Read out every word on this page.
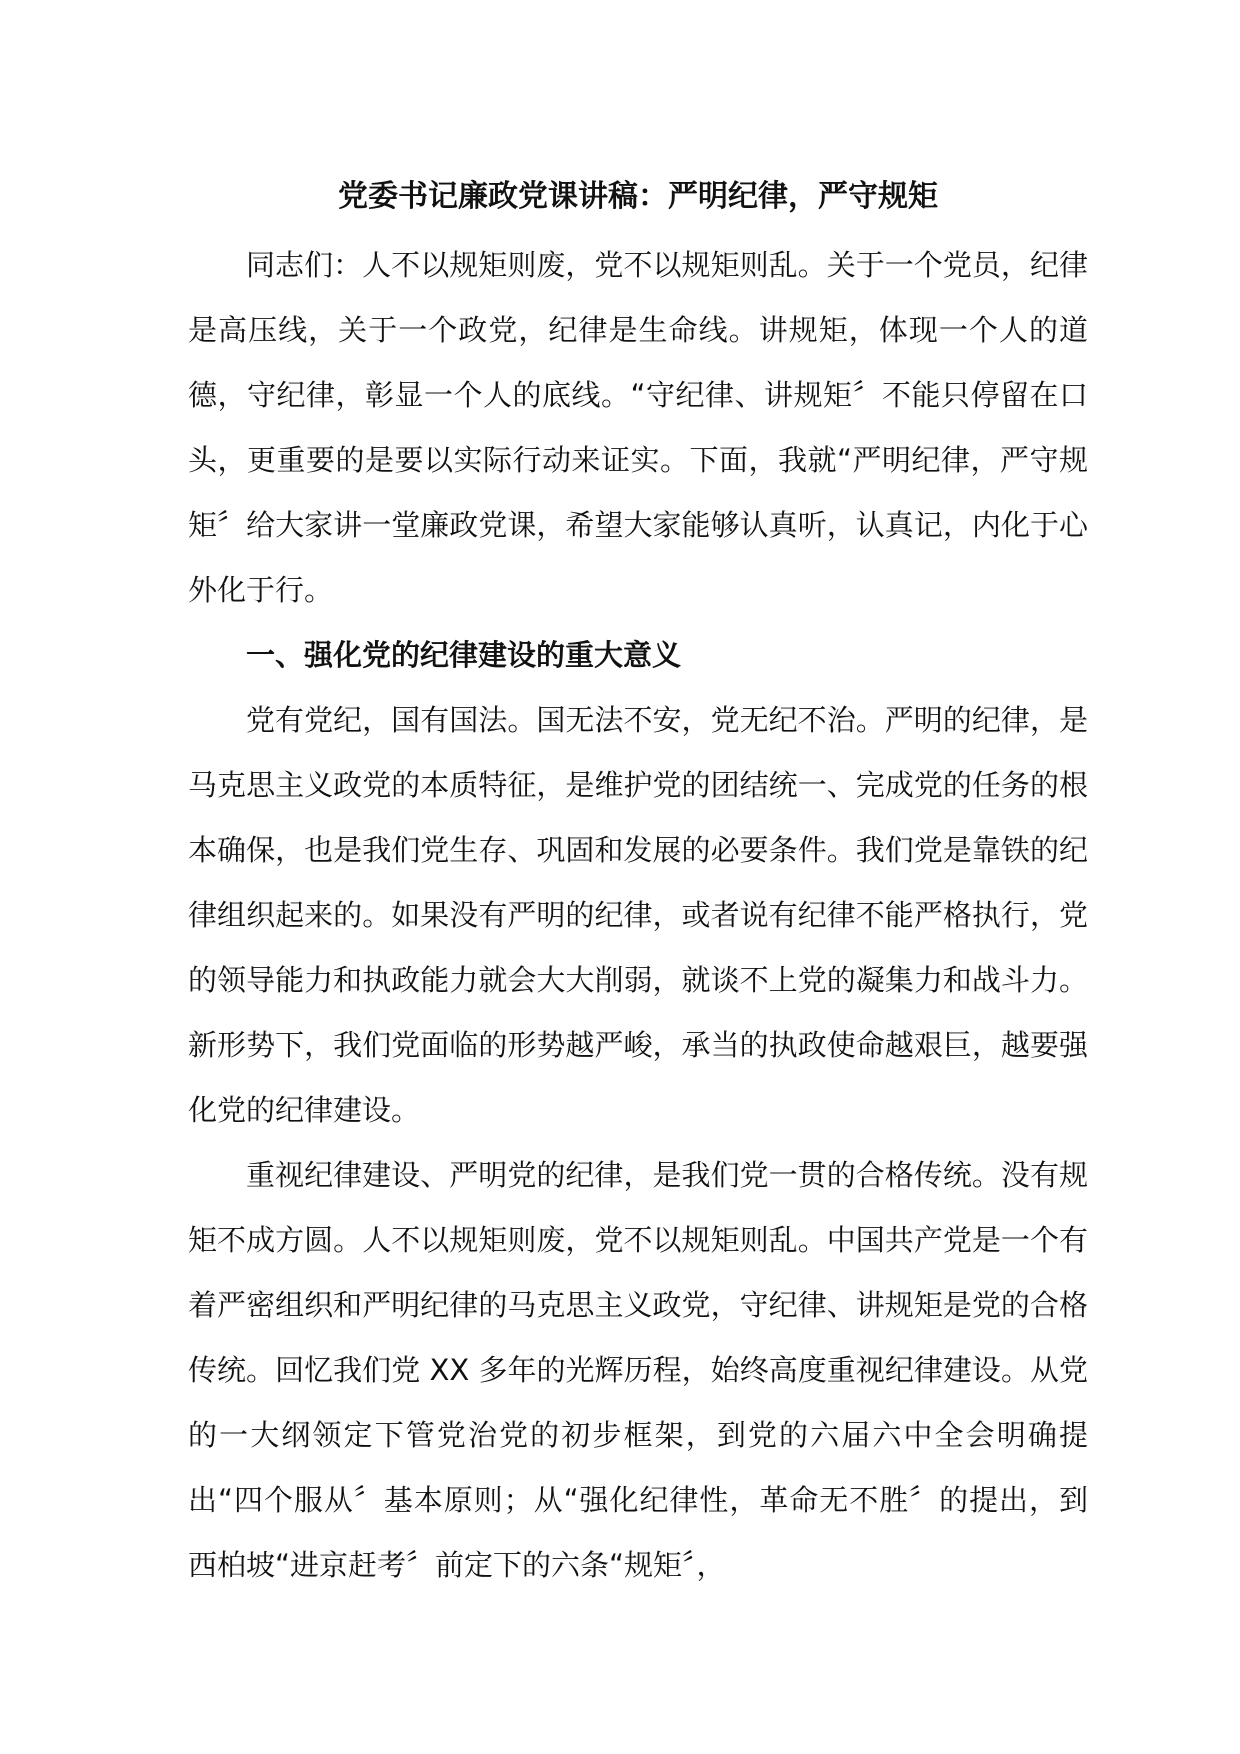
党委书记廉政党课讲稿：严明纪律，严守规矩

同志们：人不以规矩则废，党不以规矩则乱。关于一个党员，纪律是高压线，关于一个政党，纪律是生命线。讲规矩，体现一个人的道德，守纪律，彰显一个人的底线。“守纪律、讲规矩〞不能只停留在口头，更重要的是要以实际行动来证实。下面，我就“严明纪律，严守规矩〞给大家讲一堂廉政党课，希望大家能够认真听，认真记，内化于心外化于行。

一、强化党的纪律建设的重大意义

党有党纪，国有国法。国无法不安，党无纪不治。严明的纪律，是马克思主义政党的本质特征，是维护党的团结统一、完成党的任务的根本确保，也是我们党生存、巩固和发展的必要条件。我们党是靠铁的纪律组织起来的。如果没有严明的纪律，或者说有纪律不能严格执行，党的领导能力和执政能力就会大大削弱，就谈不上党的凝集力和战斗力。新形势下，我们党面临的形势越严峻，承当的执政使命越艰巨，越要强化党的纪律建设。

重视纪律建设、严明党的纪律，是我们党一贯的合格传统。没有规矩不成方圆。人不以规矩则废，党不以规矩则乱。中国共产党是一个有着严密组织和严明纪律的马克思主义政党，守纪律、讲规矩是党的合格传统。回忆我们党 XX 多年的光辉历程，始终高度重视纪律建设。从党的一大纲领定下管党治党的初步框架，到党的六届六中全会明确提出“四个服从〞基本原则；从“强化纪律性，革命无不胜〞的提出，到西柏坡“进京赶考〞前定下的六条“规矩〞，
